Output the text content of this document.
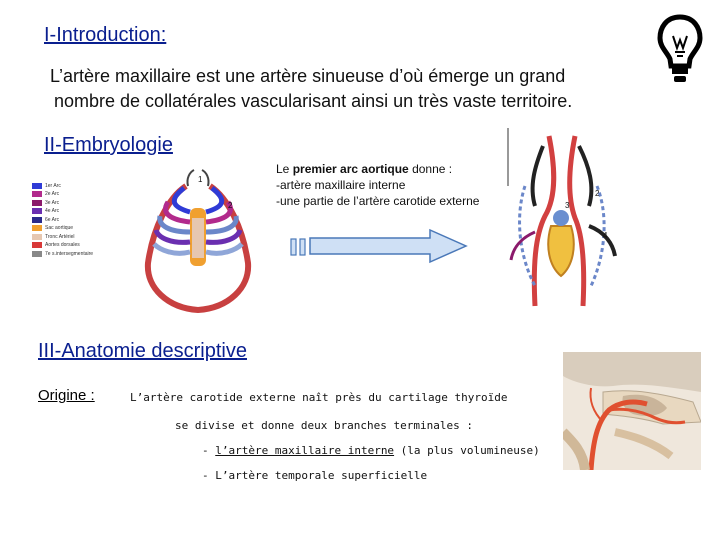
I-Introduction:
L’artère maxillaire est une artère sinueuse d’où émerge un grand
nombre de collatérales vascularisant ainsi un très vaste territoire.
II-Embryologie
1er Arc
2e Arc
3e Arc
4e Arc
6e Arc
Sac aortique
Tronc Artériel
Aortes dorsales
7e s.intersegmentaire
1
2
Le premier arc aortique donne :
-artère maxillaire interne
-une partie de l’artère carotide externe
2
3
4
III-Anatomie descriptive
Origine :	L’artère carotide externe naît près du cartilage thyroïde
se divise et donne deux branches terminales :
- l’artère maxillaire interne (la plus volumineuse)
- L’artère temporale superficielle
